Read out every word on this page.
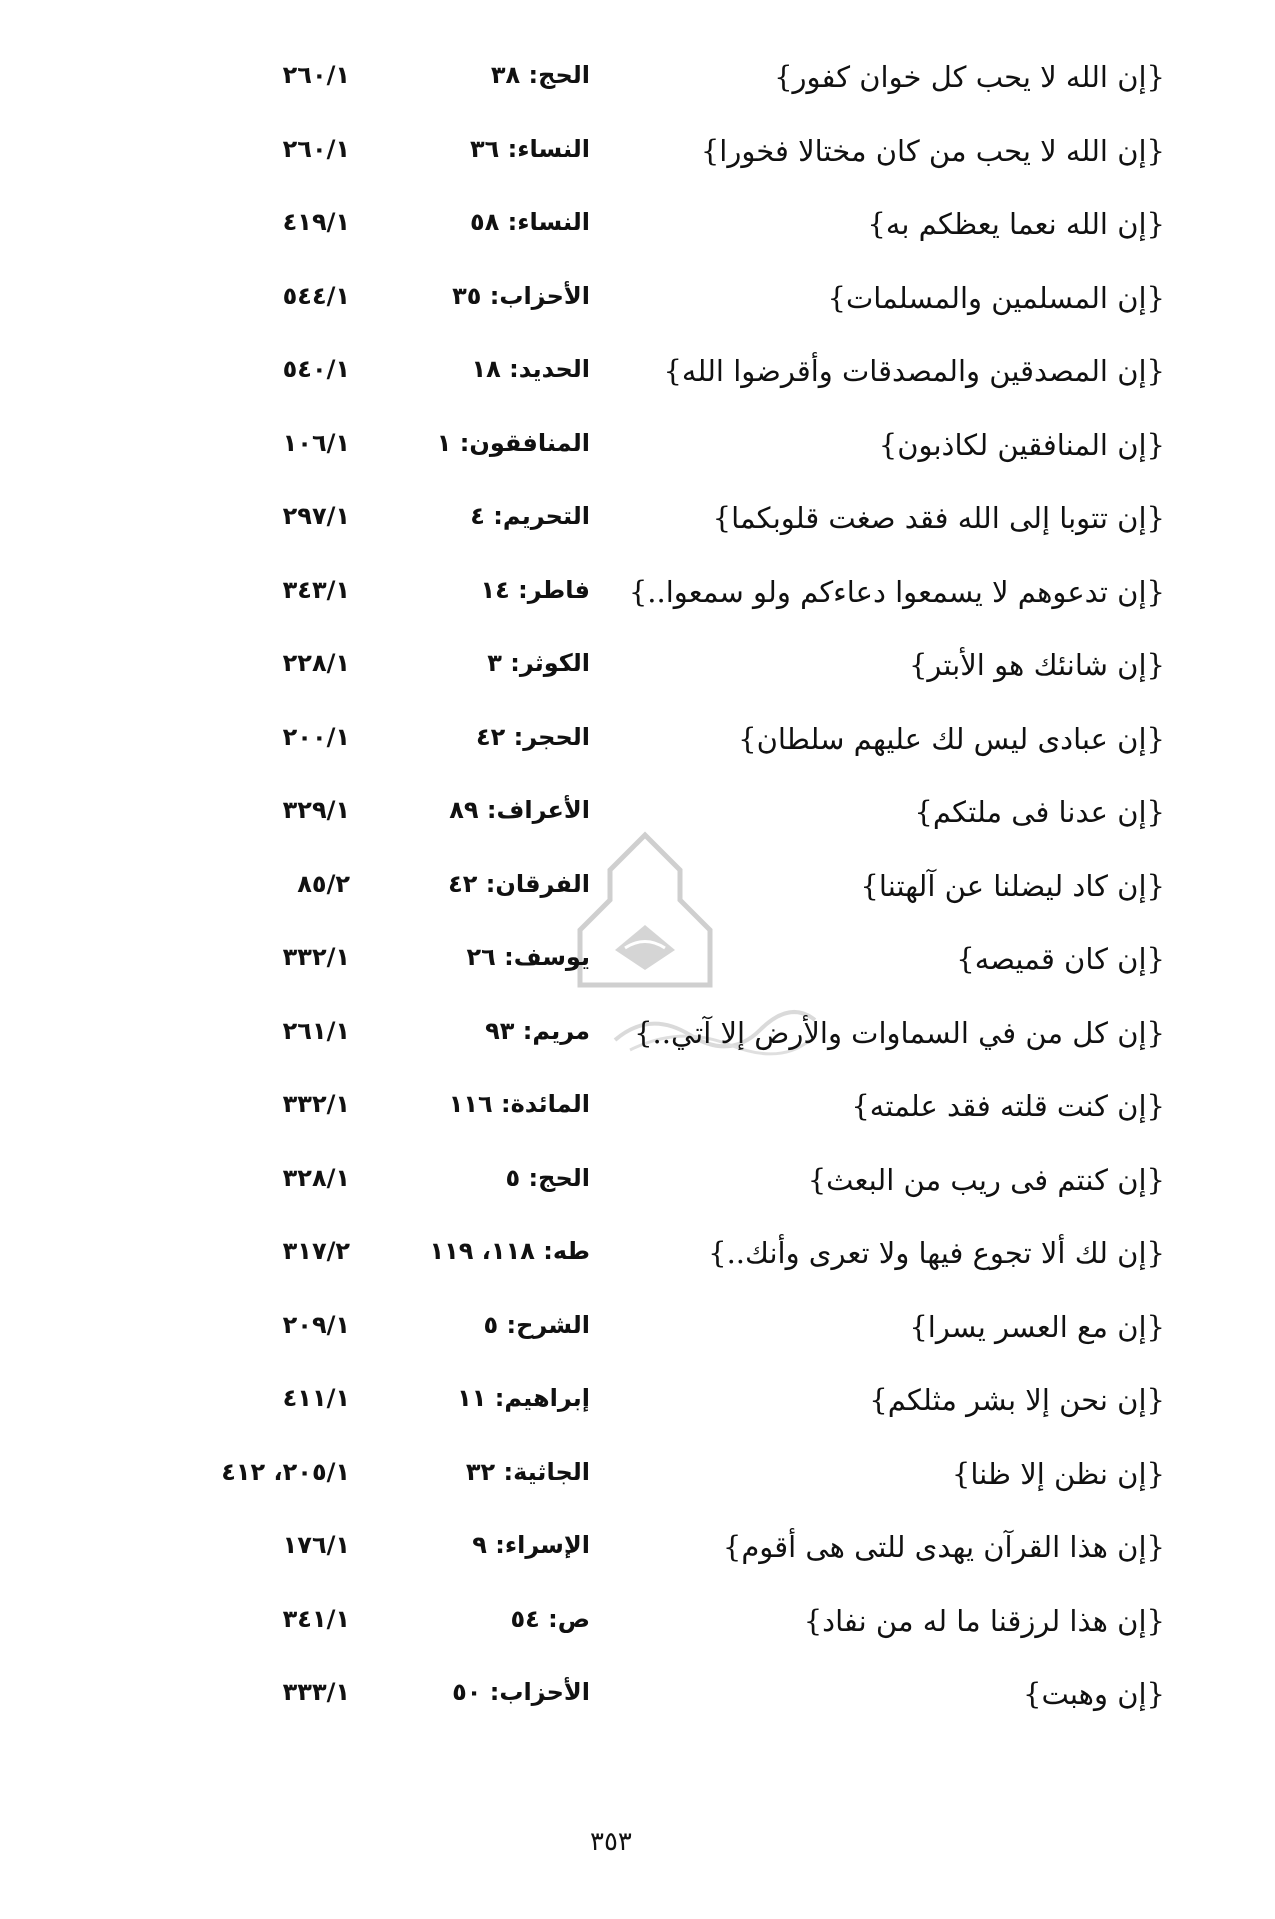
{إن الله لا يحب كل خوان كفور}
الحج: ٣٨
٢٦٠/١
{إن الله لا يحب من كان مختالا فخورا}
النساء: ٣٦
٢٦٠/١
{إن الله نعما يعظكم به}
النساء: ٥٨
٤١٩/١
{إن المسلمين والمسلمات}
الأحزاب: ٣٥
٥٤٤/١
{إن المصدقين والمصدقات وأقرضوا الله}
الحديد: ١٨
٥٤٠/١
{إن المنافقين لكاذبون}
المنافقون: ١
١٠٦/١
{إن تتوبا إلى الله فقد صغت قلوبكما}
التحريم: ٤
٢٩٧/١
{إن تدعوهم لا يسمعوا دعاءكم ولو سمعوا..}
فاطر: ١٤
٣٤٣/١
{إن شانئك هو الأبتر}
الكوثر: ٣
٢٢٨/١
{إن عبادى ليس لك عليهم سلطان}
الحجر: ٤٢
٢٠٠/١
{إن عدنا فى ملتكم}
الأعراف: ٨٩
٣٢٩/١
{إن كاد ليضلنا عن آلهتنا}
الفرقان: ٤٢
٨٥/٢
{إن كان قميصه}
يوسف: ٢٦
٣٣٢/١
{إن كل من في السماوات والأرض إلا آتي..}
مريم: ٩٣
٢٦١/١
{إن كنت قلته فقد علمته}
المائدة: ١١٦
٣٣٢/١
{إن كنتم فى ريب من البعث}
الحج: ٥
٣٢٨/١
{إن لك ألا تجوع فيها ولا تعرى وأنك..}
طه: ١١٨، ١١٩
٣١٧/٢
{إن مع العسر يسرا}
الشرح: ٥
٢٠٩/١
{إن نحن إلا بشر مثلكم}
إبراهيم: ١١
٤١١/١
{إن نظن إلا ظنا}
الجاثية: ٣٢
٢٠٥/١، ٤١٢
{إن هذا القرآن يهدى للتى هى أقوم}
الإسراء: ٩
١٧٦/١
{إن هذا لرزقنا ما له من نفاد}
ص: ٥٤
٣٤١/١
{إن وهبت}
الأحزاب: ٥٠
٣٣٣/١
٣٥٣
